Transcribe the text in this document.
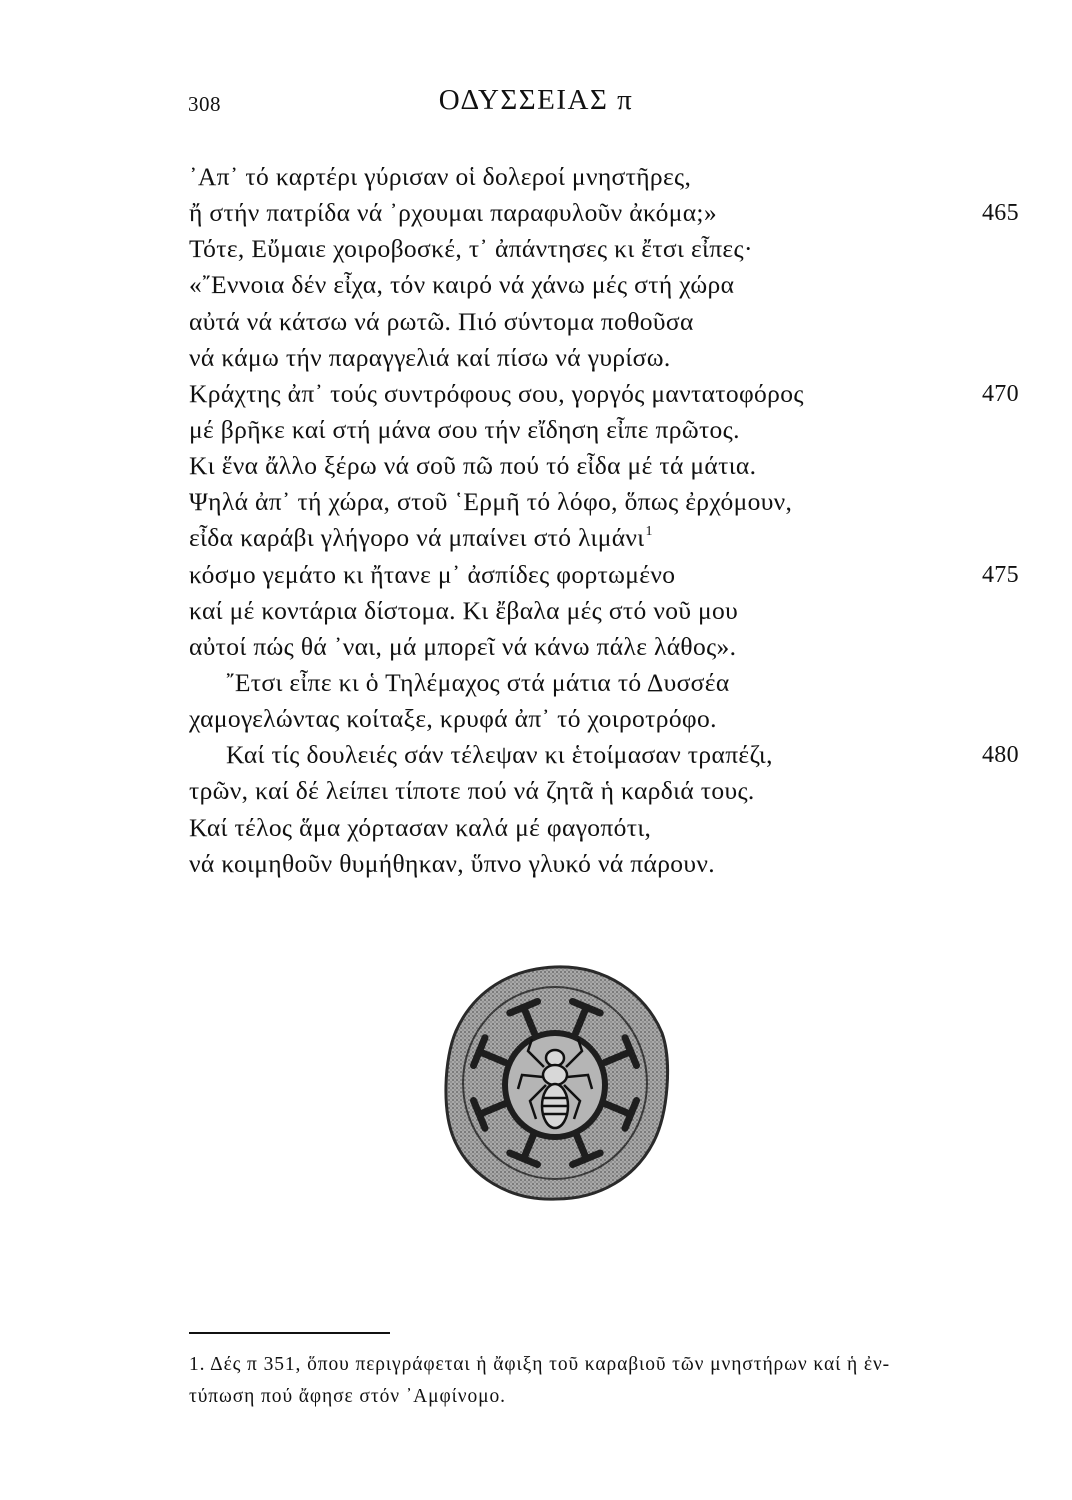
308	ΟΔΥΣΣΕΙΑΣ π
᾿Απ᾿ τό καρτέρι γύρισαν οἱ δολεροί μνηστῆρες,
ἤ στήν πατρίδα νά ᾿ρχουμαι παραφυλοῦν ἀκόμα;»	465
Τότε, Εὔμαιε χοιροβοσκέ, τ᾿ ἀπάντησες κι ἔτσι εἶπες·
«῎Εννοια δέν εἶχα, τόν καιρό νά χάνω μές στή χώρα
αὐτά νά κάτσω νά ρωτῶ. Πιό σύντομα ποθοῦσα
νά κάμω τήν παραγγελιά καί πίσω νά γυρίσω.
Κράχτης ἀπ᾿ τούς συντρόφους σου, γοργός μαντατοφόρος	470
μέ βρῆκε καί στή μάνα σου τήν εἴδηση εἶπε πρῶτος.
Κι ἕνα ἄλλο ξέρω νά σοῦ πῶ πού τό εἶδα μέ τά μάτια.
Ψηλά ἀπ᾿ τή χώρα, στοῦ ῾Ερμῆ τό λόφο, ὅπως ἐρχόμουν,
εἶδα καράβι γλήγορο νά μπαίνει στό λιμάνι$^1$
κόσμο γεμάτο κι ἤτανε μ᾿ ἀσπίδες φορτωμένο	475
καί μέ κοντάρια δίστομα. Κι ἔβαλα μές στό νοῦ μου
αὐτοί πώς θά ᾿ναι, μά μπορεῖ νά κάνω πάλε λάθος».
῎Ετσι εἶπε κι ὁ Τηλέμαχος στά μάτια τό Δυσσέα
χαμογελώντας κοίταξε, κρυφά ἀπ᾿ τό χοιροτρόφο.
Καί τίς δουλειές σάν τέλεψαν κι ἑτοίμασαν τραπέζι,	480
τρῶν, καί δέ λείπει τίποτε πού νά ζητᾶ ἡ καρδιά τους.
Καί τέλος ἅμα χόρτασαν καλά μέ φαγοπότι,
νά κοιμηθοῦν θυμήθηκαν, ὕπνο γλυκό νά πάρουν.
1. Δές π 351, ὅπου περιγράφεται ἡ ἄφιξη τοῦ καραβιοῦ τῶν μνηστήρων καί ἡ ἐν-
τύπωση πού ἄφησε στόν ᾿Αμφίνομο.
